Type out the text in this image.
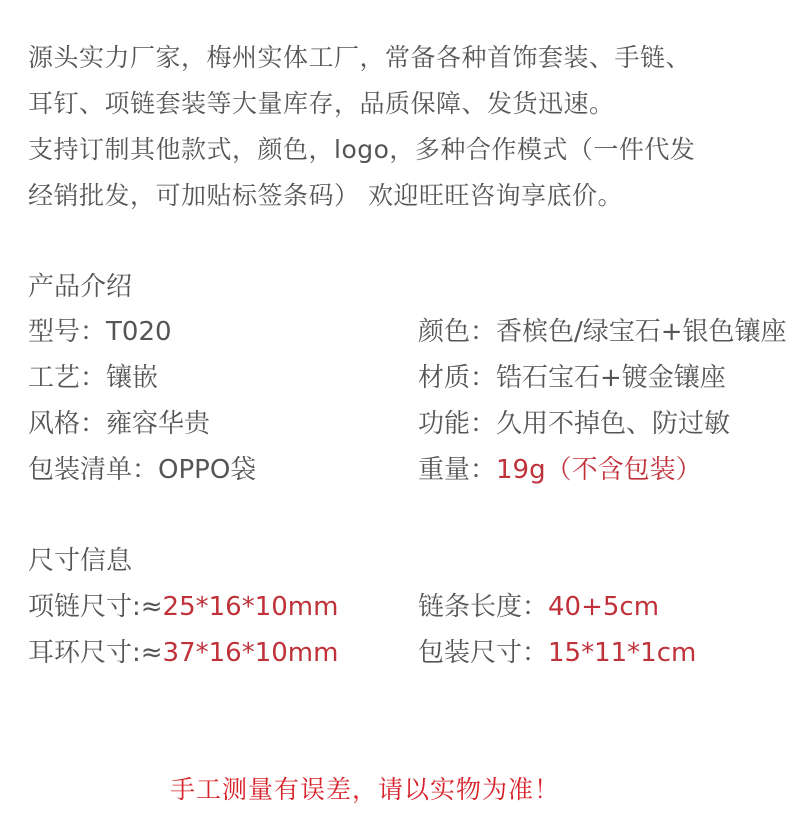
源头实力厂家，梅州实体工厂，常备各种首饰套装、手链、
耳钉、项链套装等大量库存，品质保障、发货迅速。
支持订制其他款式，颜色，logo，多种合作模式（一件代发
经销批发，可加贴标签条码） 欢迎旺旺咨询享底价。
产品介绍
型号：T020	颜色：香槟色/绿宝石+银色镶座
工艺：镶嵌	材质：锆石宝石+镀金镶座
风格：雍容华贵	功能：久用不掉色、防过敏
包装清单：OPPO袋	重量：19g（不含包装）
尺寸信息
项链尺寸:≈25*16*10mm	链条长度：40+5cm
耳环尺寸:≈37*16*10mm	包装尺寸：15*11*1cm
手工测量有误差，请以实物为准！
